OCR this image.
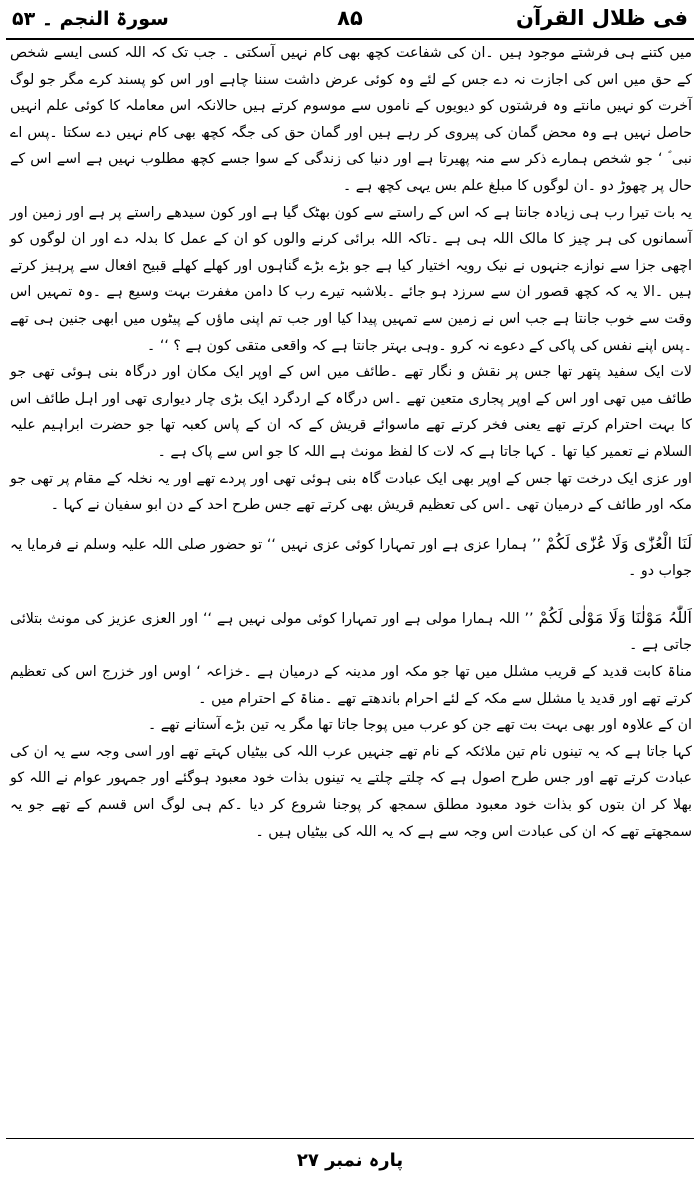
فی ظلال القرآن
۸۵
سورۃ النجم ۔ ۵۳

میں کتنے ہی فرشتے موجود ہیں ۔ان کی شفاعت کچھ بھی کام نہیں آسکتی ۔ جب تک کہ اللہ کسی ایسے شخص کے حق میں اس کی اجازت نہ دے جس کے لئے وہ کوئی عرض داشت سننا چاہے اور اس کو پسند کرے مگر جو لوگ آخرت کو نہیں مانتے وہ فرشتوں کو دیویوں کے ناموں سے موسوم کرتے ہیں حالانکہ اس معاملہ کا کوئی علم انہیں حاصل نہیں ہے وہ محض گمان کی پیروی کر رہے ہیں اور گمان حق کی جگہ کچھ بھی کام نہیں دے سکتا ۔پس اے نبی ؐ ‘ جو شخص ہمارے ذکر سے منہ پھیرتا ہے اور دنیا کی زندگی کے سوا جسے کچھ مطلوب نہیں ہے اسے اس کے حال پر چھوڑ دو ۔ان لوگوں کا مبلغ علم بس یہی کچھ ہے ۔

یہ بات تیرا رب ہی زیادہ جانتا ہے کہ اس کے راستے سے کون بھٹک گیا ہے اور کون سیدھے راستے پر ہے اور زمین اور آسمانوں کی ہر چیز کا مالک اللہ ہی ہے ۔تاکہ اللہ برائی کرنے والوں کو ان کے عمل کا بدلہ دے اور ان لوگوں کو اچھی جزا سے نوازے جنہوں نے نیک رویہ اختیار کیا ہے جو بڑے بڑے گناہوں اور کھلے کھلے قبیح افعال سے پرہیز کرتے ہیں ۔الا یہ کہ کچھ قصور ان سے سرزد ہو جائے ۔بلاشبہ تیرے رب کا دامن مغفرت بہت وسیع ہے ۔وہ تمہیں اس وقت سے خوب جانتا ہے جب اس نے زمین سے تمہیں پیدا کیا اور جب تم اپنی ماؤں کے پیٹوں میں ابھی جنین ہی تھے ۔پس اپنے نفس کی پاکی کے دعوے نہ کرو ۔وہی بہتر جانتا ہے کہ واقعی متقی کون ہے ؟ ‘‘ ۔

لات ایک سفید پتھر تھا جس پر نقش و نگار تھے ۔طائف میں اس کے اوپر ایک مکان اور درگاہ بنی ہوئی تھی جو طائف میں تھی اور اس کے اوپر پجاری متعین تھے ۔اس درگاہ کے اردگرد ایک بڑی چار دیواری تھی اور اہل طائف اس کا بہت احترام کرتے تھے یعنی فخر کرتے تھے ماسوائے قریش کے کہ ان کے پاس کعبہ تھا جو حضرت ابراہیم علیہ السلام نے تعمیر کیا تھا ۔ کہا جاتا ہے کہ لات کا لفظ مونث ہے اللہ کا جو اس سے پاک ہے ۔

اور عزی ایک درخت تھا جس کے اوپر بھی ایک عبادت گاہ بنی ہوئی تھی اور پردے تھے اور یہ نخلہ کے مقام پر تھی جو مکہ اور طائف کے درمیان تھی ۔اس کی تعظیم قریش بھی کرتے تھے جس طرح احد کے دن ابو سفیان نے کہا ۔

لَنَا الْعُزّٰی وَلَا عُزّٰی لَکُمْ ’’ ہمارا عزی ہے اور تمہارا کوئی عزی نہیں ‘‘ تو حضور صلی اللہ علیہ وسلم نے فرمایا یہ جواب دو ۔

اَللّٰہُ مَوْلٰنَا وَلَا مَوْلٰی لَکُمْ ’’ اللہ ہمارا مولی ہے اور تمہارا کوئی مولی نہیں ہے ‘‘ اور العزی عزیز کی مونث بتلائی جاتی ہے ۔

مناۃ کابت قدید کے قریب مشلل میں تھا جو مکہ اور مدینہ کے درمیان ہے ۔خزاعہ ‘ اوس اور خزرج اس کی تعظیم کرتے تھے اور قدید یا مشلل سے مکہ کے لئے احرام باندھتے تھے ۔مناۃ کے احترام میں ۔

ان کے علاوہ اور بھی بہت بت تھے جن کو عرب میں پوجا جاتا تھا مگر یہ تین بڑے آستانے تھے ۔

کہا جاتا ہے کہ یہ تینوں نام تین ملائکہ کے نام تھے جنہیں عرب اللہ کی بیٹیاں کہتے تھے اور اسی وجہ سے یہ ان کی عبادت کرتے تھے اور جس طرح اصول ہے کہ چلتے چلتے یہ تینوں بذات خود معبود ہوگئے اور جمہور عوام نے اللہ کو بھلا کر ان بتوں کو بذات خود معبود مطلق سمجھ کر پوجنا شروع کر دیا ۔کم ہی لوگ اس قسم کے تھے جو یہ سمجھتے تھے کہ ان کی عبادت اس وجہ سے ہے کہ یہ اللہ کی بیٹیاں ہیں ۔

پارہ نمبر ۲۷
